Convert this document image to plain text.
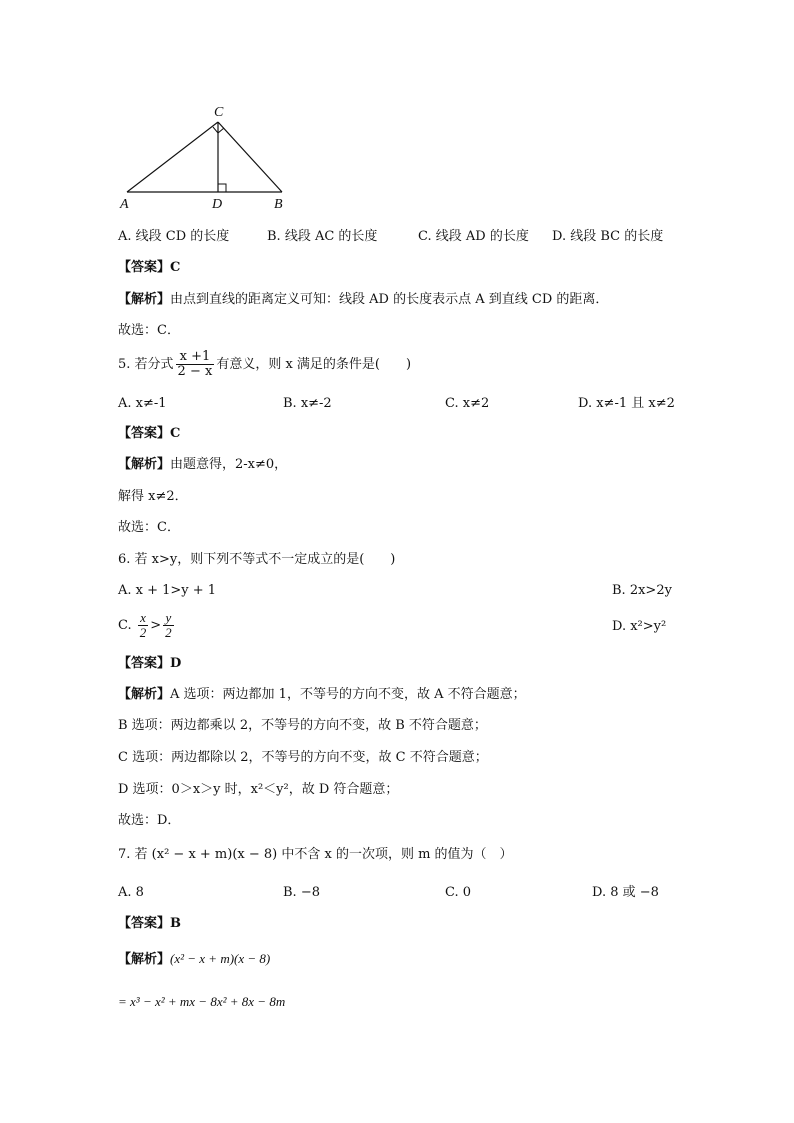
C
A	D	B
A. 线段 CD 的长度	B. 线段 AC 的长度	C. 线段 AD 的长度 D. 线段 BC 的长度
【答案】C
【解析】由点到直线的距离定义可知：线段 AD 的长度表示点 A 到直线 CD 的距离．
故选：C．
5. 若分式 $\frac{x +1}{2 - x}$ 有意义，则 x 满足的条件是(　　)
A. x≠-1	B. x≠-2	C. x≠2	D. x≠-1 且 x≠2
【答案】C
【解析】由题意得，2-x≠0，
解得 x≠2．
故选：C．
6. 若 x>y，则下列不等式不一定成立的是(　　)
A. x + 1>y + 1	B. 2x>2y
C. $\frac{x}{2} > \frac{y}{2}$	D. x²>y²
【答案】D
【解析】A 选项：两边都加 1，不等号的方向不变，故 A 不符合题意；
B 选项：两边都乘以 2，不等号的方向不变，故 B 不符合题意；
C 选项：两边都除以 2，不等号的方向不变，故 C 不符合题意；
D 选项：0＞x＞y 时，x²＜y²，故 D 符合题意；
故选：D．
7. 若 (x² − x + m)(x − 8) 中不含 x 的一次项，则 m 的值为（　）
A. 8	B. −8	C. 0	D. 8 或 −8
【答案】B
【解析】(x² − x + m)(x − 8)
= x³ − x² + mx − 8x² + 8x − 8m
